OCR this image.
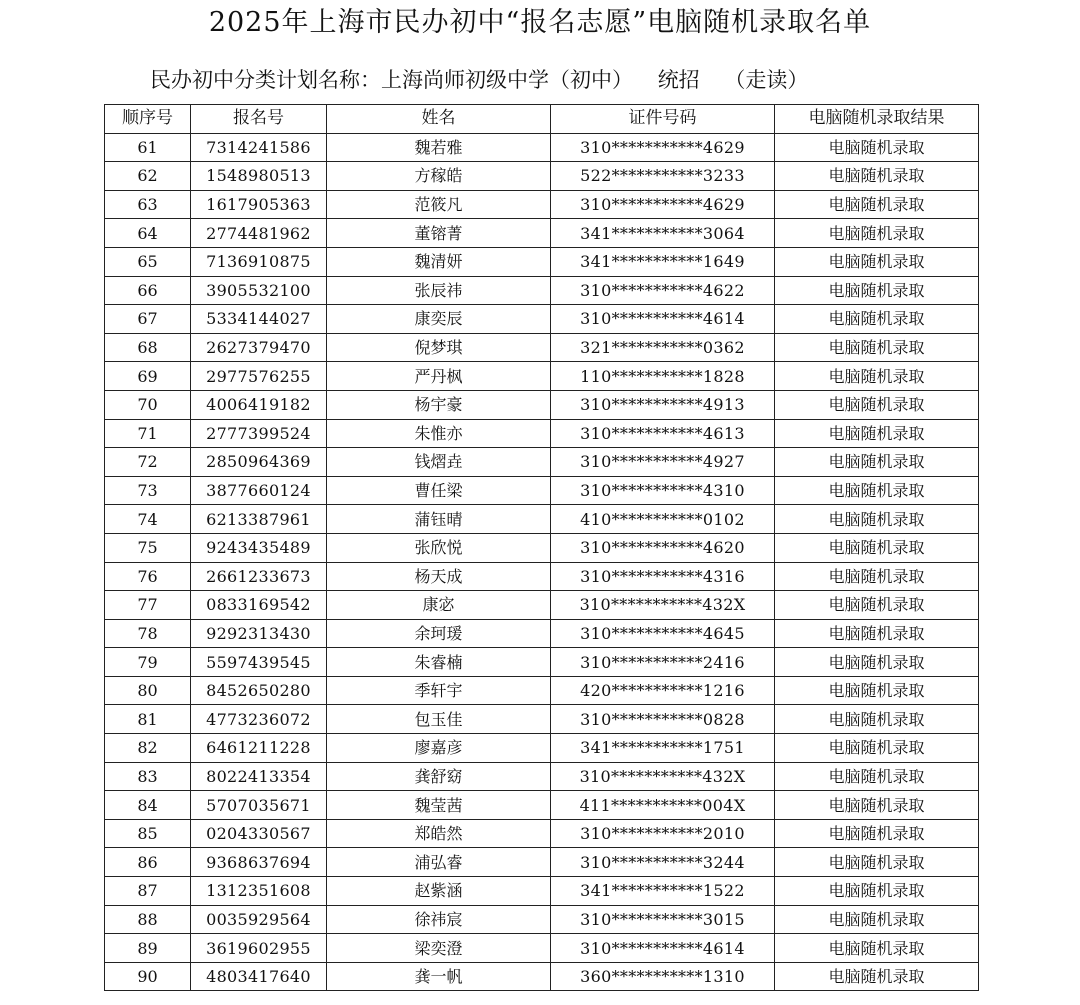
2025年上海市民办初中“报名志愿”电脑随机录取名单
民办初中分类计划名称：上海尚师初级中学（初中） 统招 （走读）
顺序号	报名号	姓名	证件号码	电脑随机录取结果
61	7314241586	魏若雅	310***********4629	电脑随机录取
62	1548980513	方稼皓	522***********3233	电脑随机录取
63	1617905363	范筱凡	310***********4629	电脑随机录取
64	2774481962	董镕菁	341***********3064	电脑随机录取
65	7136910875	魏清妍	341***********1649	电脑随机录取
66	3905532100	张辰祎	310***********4622	电脑随机录取
67	5334144027	康奕辰	310***********4614	电脑随机录取
68	2627379470	倪梦琪	321***********0362	电脑随机录取
69	2977576255	严丹枫	110***********1828	电脑随机录取
70	4006419182	杨宇豪	310***********4913	电脑随机录取
71	2777399524	朱惟亦	310***********4613	电脑随机录取
72	2850964369	钱熠垚	310***********4927	电脑随机录取
73	3877660124	曹任梁	310***********4310	电脑随机录取
74	6213387961	蒲钰晴	410***********0102	电脑随机录取
75	9243435489	张欣悦	310***********4620	电脑随机录取
76	2661233673	杨天成	310***********4316	电脑随机录取
77	0833169542	康宓	310***********432X	电脑随机录取
78	9292313430	余珂瑗	310***********4645	电脑随机录取
79	5597439545	朱睿楠	310***********2416	电脑随机录取
80	8452650280	季轩宇	420***********1216	电脑随机录取
81	4773236072	包玉佳	310***********0828	电脑随机录取
82	6461211228	廖嘉彦	341***********1751	电脑随机录取
83	8022413354	龚舒窈	310***********432X	电脑随机录取
84	5707035671	魏莹茜	411***********004X	电脑随机录取
85	0204330567	郑皓然	310***********2010	电脑随机录取
86	9368637694	浦弘睿	310***********3244	电脑随机录取
87	1312351608	赵紫涵	341***********1522	电脑随机录取
88	0035929564	徐祎宸	310***********3015	电脑随机录取
89	3619602955	梁奕澄	310***********4614	电脑随机录取
90	4803417640	龚一帆	360***********1310	电脑随机录取
